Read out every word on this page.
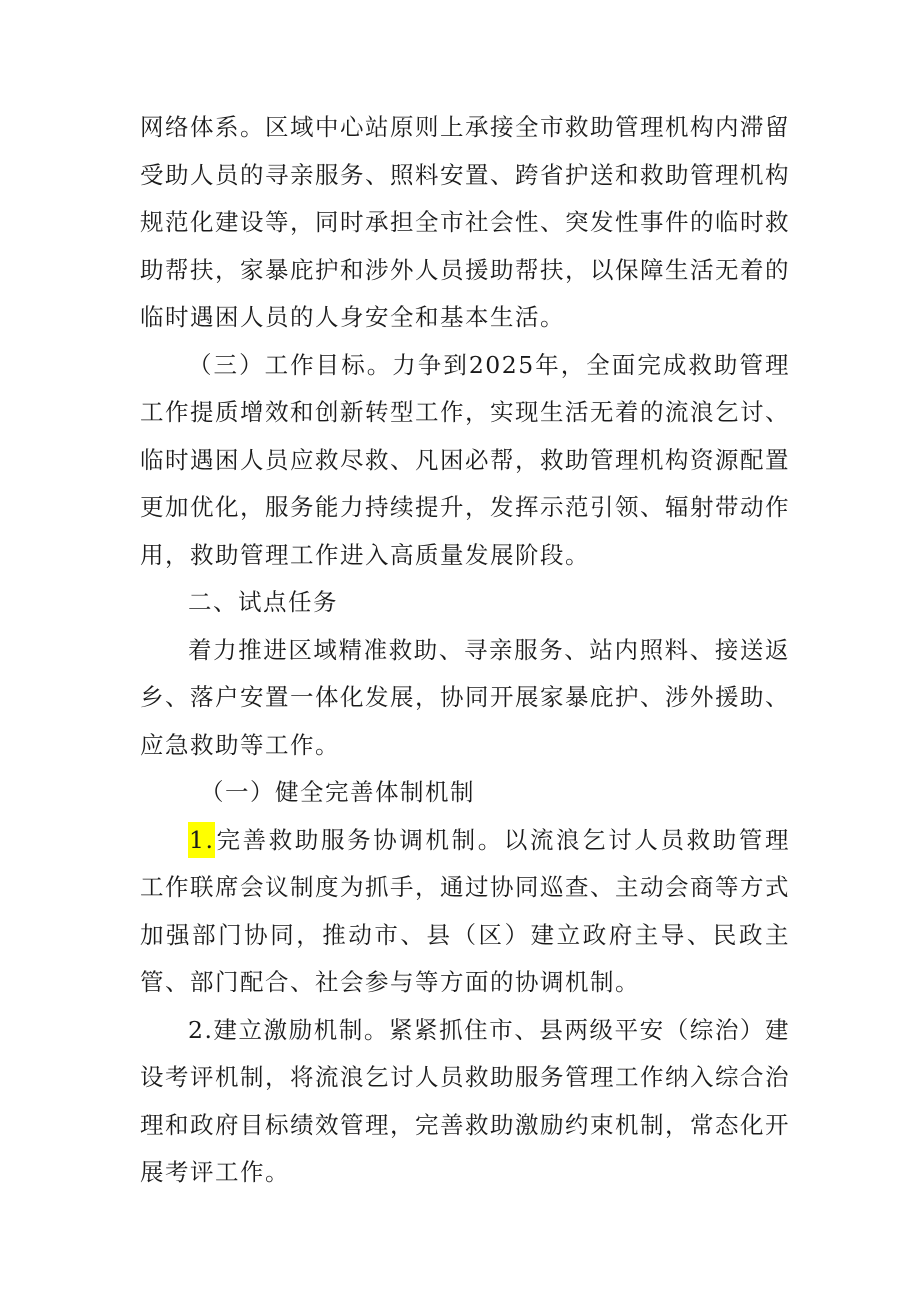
网络体系。区域中心站原则上承接全市救助管理机构内滞留受助人员的寻亲服务、照料安置、跨省护送和救助管理机构规范化建设等，同时承担全市社会性、突发性事件的临时救助帮扶，家暴庇护和涉外人员援助帮扶，以保障生活无着的临时遇困人员的人身安全和基本生活。

（三）工作目标。力争到2025年，全面完成救助管理工作提质增效和创新转型工作，实现生活无着的流浪乞讨、临时遇困人员应救尽救、凡困必帮，救助管理机构资源配置更加优化，服务能力持续提升，发挥示范引领、辐射带动作用，救助管理工作进入高质量发展阶段。

二、试点任务

着力推进区域精准救助、寻亲服务、站内照料、接送返乡、落户安置一体化发展，协同开展家暴庇护、涉外援助、应急救助等工作。

（一）健全完善体制机制

1.完善救助服务协调机制。以流浪乞讨人员救助管理工作联席会议制度为抓手，通过协同巡查、主动会商等方式加强部门协同，推动市、县（区）建立政府主导、民政主管、部门配合、社会参与等方面的协调机制。

2.建立激励机制。紧紧抓住市、县两级平安（综治）建设考评机制，将流浪乞讨人员救助服务管理工作纳入综合治理和政府目标绩效管理，完善救助激励约束机制，常态化开展考评工作。
